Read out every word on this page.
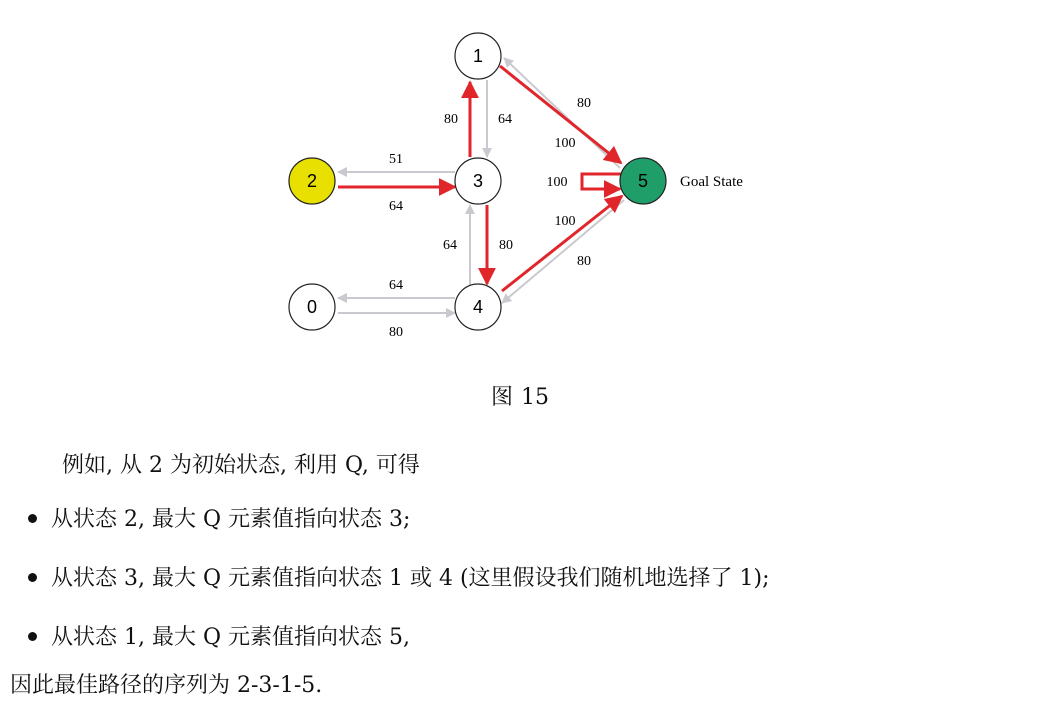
1
2	3
0	4
5 Goal State
64
80
100
80
51
64
100
64	80
100
80
64
80
图 15
例如, 从 2 为初始状态, 利用 Q, 可得
从状态 2, 最大 Q 元素值指向状态 3;
从状态 3, 最大 Q 元素值指向状态 1 或 4 (这里假设我们随机地选择了 1);
从状态 1, 最大 Q 元素值指向状态 5,
因此最佳路径的序列为 2-3-1-5.
